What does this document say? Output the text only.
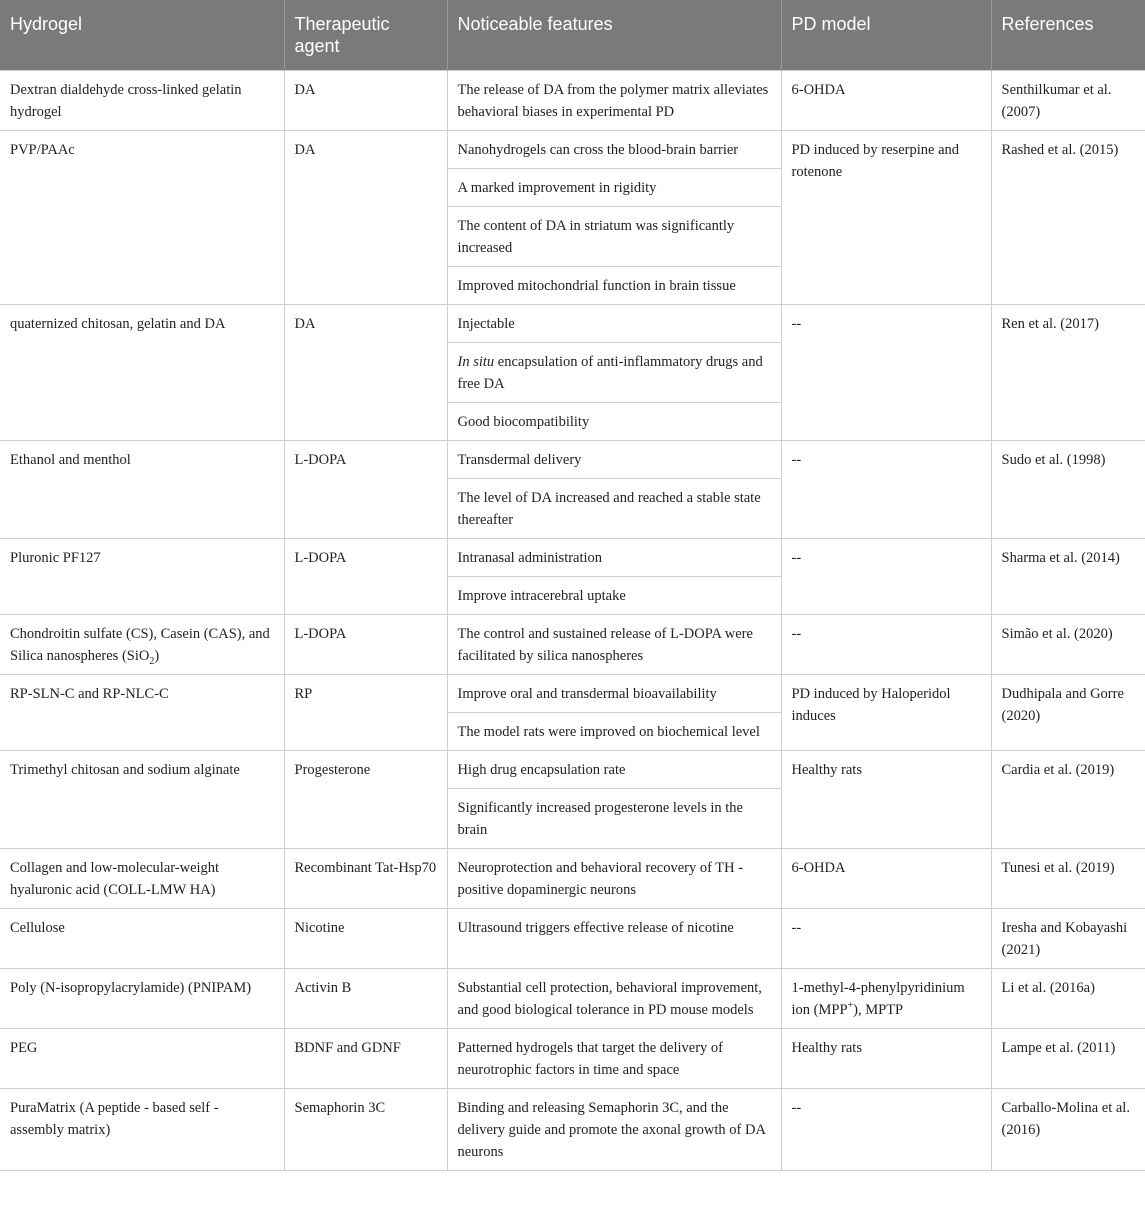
Hydrogel	Therapeutic agent	Noticeable features	PD model	References
Dextran dialdehyde cross-linked gelatin hydrogel	DA	The release of DA from the polymer matrix alleviates behavioral biases in experimental PD	6-OHDA	Senthilkumar et al. (2007)
PVP/PAAc	DA	Nanohydrogels can cross the blood-brain barrier	PD induced by reserpine and rotenone	Rashed et al. (2015)
		A marked improvement in rigidity		
		The content of DA in striatum was significantly increased		
		Improved mitochondrial function in brain tissue		
quaternized chitosan, gelatin and DA	DA	Injectable	--	Ren et al. (2017)
		In situ encapsulation of anti-inflammatory drugs and free DA		
		Good biocompatibility		
Ethanol and menthol	L-DOPA	Transdermal delivery	--	Sudo et al. (1998)
		The level of DA increased and reached a stable state thereafter		
Pluronic PF127	L-DOPA	Intranasal administration	--	Sharma et al. (2014)
		Improve intracerebral uptake		
Chondroitin sulfate (CS), Casein (CAS), and Silica nanospheres (SiO$_2$)	L-DOPA	The control and sustained release of L-DOPA were facilitated by silica nanospheres	--	Simão et al. (2020)
RP-SLN-C and RP-NLC-C	RP	Improve oral and transdermal bioavailability	PD induced by Haloperidol induces	Dudhipala and Gorre (2020)
		The model rats were improved on biochemical level		
Trimethyl chitosan and sodium alginate	Progesterone	High drug encapsulation rate	Healthy rats	Cardia et al. (2019)
		Significantly increased progesterone levels in the brain		
Collagen and low-molecular-weight hyaluronic acid (COLL-LMW HA)	Recombinant Tat-Hsp70	Neuroprotection and behavioral recovery of TH -positive dopaminergic neurons	6-OHDA	Tunesi et al. (2019)
Cellulose	Nicotine	Ultrasound triggers effective release of nicotine	--	Iresha and Kobayashi (2021)
Poly (N-isopropylacrylamide) (PNIPAM)	Activin B	Substantial cell protection, behavioral improvement, and good biological tolerance in PD mouse models	1-methyl-4-phenylpyridinium ion (MPP+), MPTP	Li et al. (2016a)
PEG	BDNF and GDNF	Patterned hydrogels that target the delivery of neurotrophic factors in time and space	Healthy rats	Lampe et al. (2011)
PuraMatrix (A peptide - based self - assembly matrix)	Semaphorin 3C	Binding and releasing Semaphorin 3C, and the delivery guide and promote the axonal growth of DA neurons	--	Carballo-Molina et al. (2016)
